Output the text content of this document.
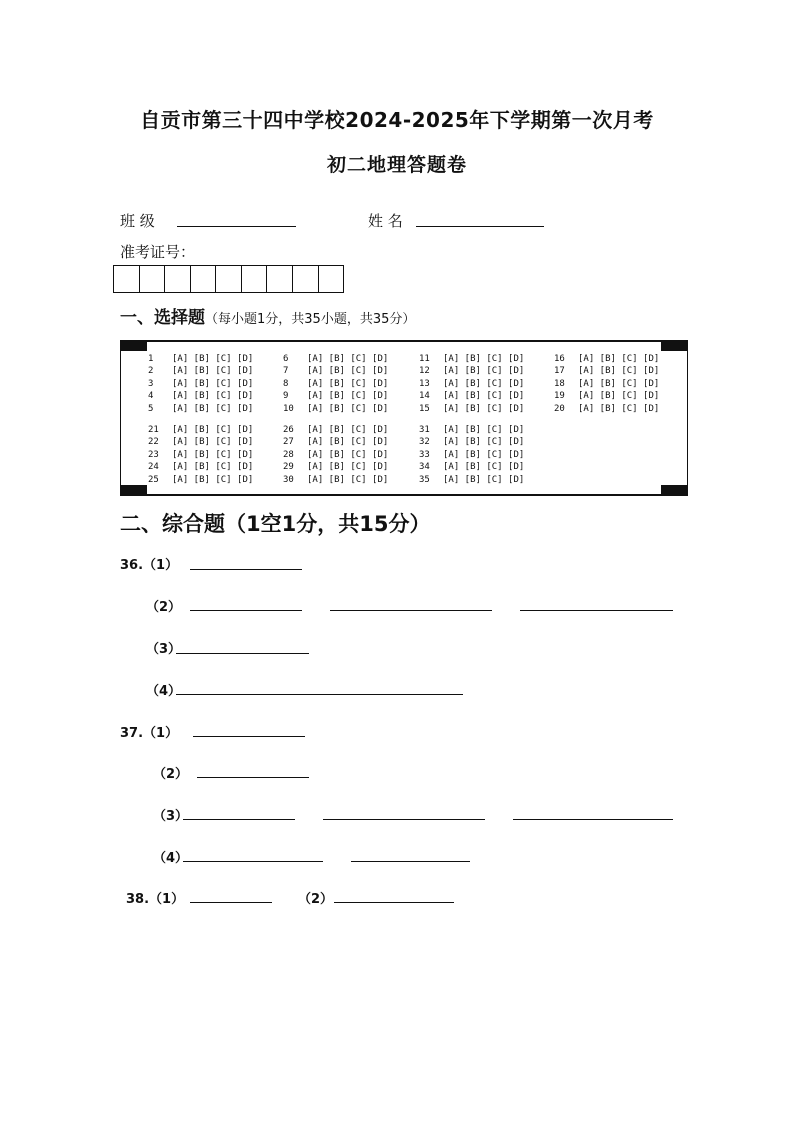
自贡市第三十四中学校2024-2025年下学期第一次月考
初二地理答题卷
班 级	姓 名
准考证号：
一、选择题（每小题1分，共35小题，共35分）
1	[A] [B] [C] [D]
2	[A] [B] [C] [D]
3	[A] [B] [C] [D]
4	[A] [B] [C] [D]
5	[A] [B] [C] [D]
6	[A] [B] [C] [D]
7	[A] [B] [C] [D]
8	[A] [B] [C] [D]
9	[A] [B] [C] [D]
10	[A] [B] [C] [D]
11	[A] [B] [C] [D]
12	[A] [B] [C] [D]
13	[A] [B] [C] [D]
14	[A] [B] [C] [D]
15	[A] [B] [C] [D]
16	[A] [B] [C] [D]
17	[A] [B] [C] [D]
18	[A] [B] [C] [D]
19	[A] [B] [C] [D]
20	[A] [B] [C] [D]
21	[A] [B] [C] [D]
22	[A] [B] [C] [D]
23	[A] [B] [C] [D]
24	[A] [B] [C] [D]
25	[A] [B] [C] [D]
26	[A] [B] [C] [D]
27	[A] [B] [C] [D]
28	[A] [B] [C] [D]
29	[A] [B] [C] [D]
30	[A] [B] [C] [D]
31	[A] [B] [C] [D]
32	[A] [B] [C] [D]
33	[A] [B] [C] [D]
34	[A] [B] [C] [D]
35	[A] [B] [C] [D]
二、综合题（1空1分，共15分）
36.（1）
（2）
（3）
（4）
37.（1）
（2）
（3）
（4）
38.（1）	（2）
